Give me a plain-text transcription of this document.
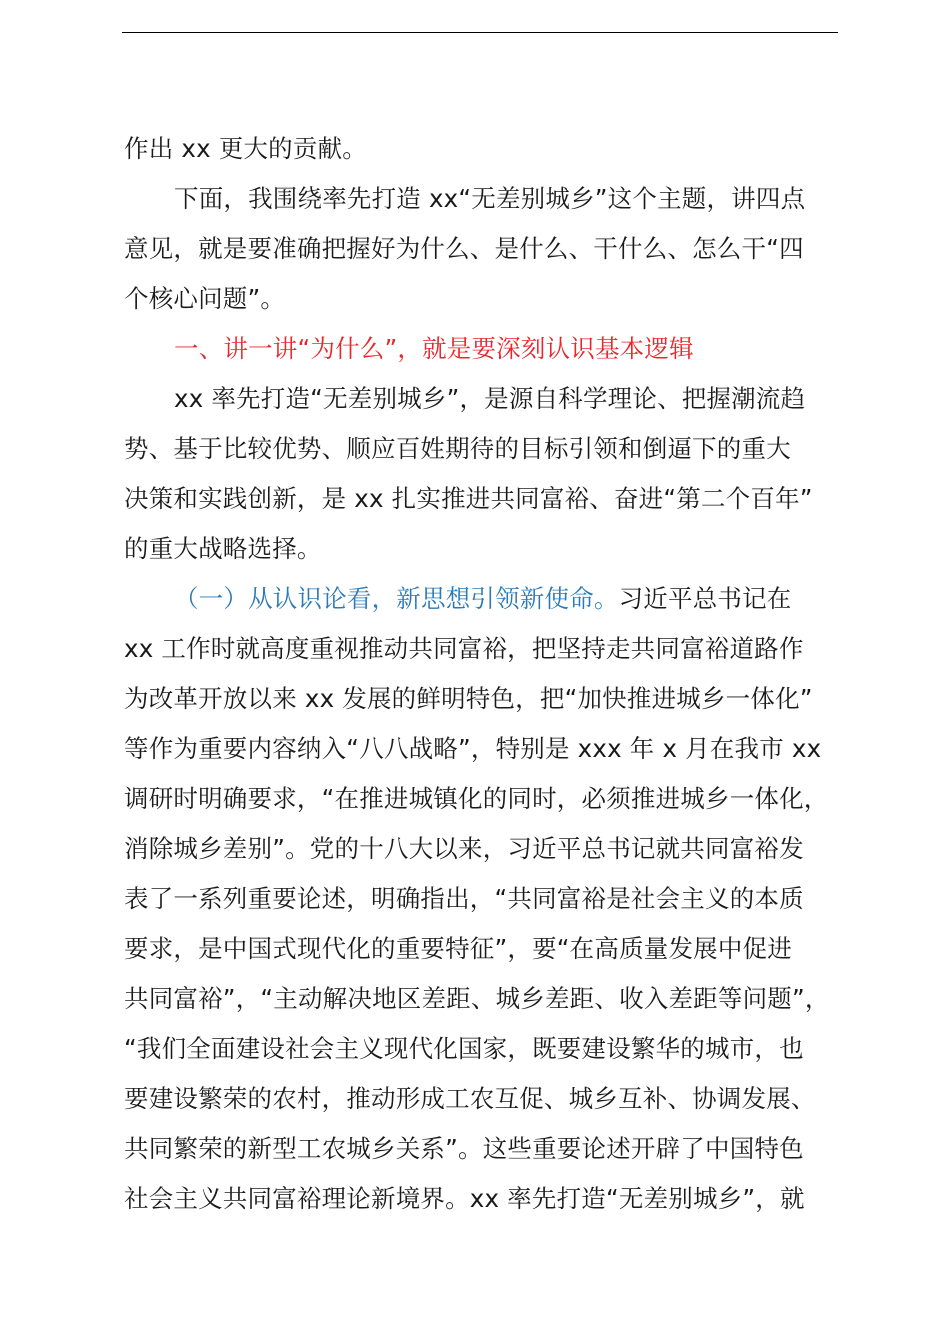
作出 xx 更大的贡献。
下面，我围绕率先打造 xx“无差别城乡”这个主题，讲四点
意见，就是要准确把握好为什么、是什么、干什么、怎么干“四
个核心问题”。
一、讲一讲“为什么”，就是要深刻认识基本逻辑
xx 率先打造“无差别城乡”，是源自科学理论、把握潮流趋
势、基于比较优势、顺应百姓期待的目标引领和倒逼下的重大
决策和实践创新，是 xx 扎实推进共同富裕、奋进“第二个百年”
的重大战略选择。
（一）从认识论看，新思想引领新使命。习近平总书记在
xx 工作时就高度重视推动共同富裕，把坚持走共同富裕道路作
为改革开放以来 xx 发展的鲜明特色，把“加快推进城乡一体化”
等作为重要内容纳入“八八战略”，特别是 xxx 年 x 月在我市 xx
调研时明确要求，“在推进城镇化的同时，必须推进城乡一体化，
消除城乡差别”。党的十八大以来，习近平总书记就共同富裕发
表了一系列重要论述，明确指出，“共同富裕是社会主义的本质
要求，是中国式现代化的重要特征”，要“在高质量发展中促进
共同富裕”，“主动解决地区差距、城乡差距、收入差距等问题”，
“我们全面建设社会主义现代化国家，既要建设繁华的城市，也
要建设繁荣的农村，推动形成工农互促、城乡互补、协调发展、
共同繁荣的新型工农城乡关系”。这些重要论述开辟了中国特色
社会主义共同富裕理论新境界。xx 率先打造“无差别城乡”，就
